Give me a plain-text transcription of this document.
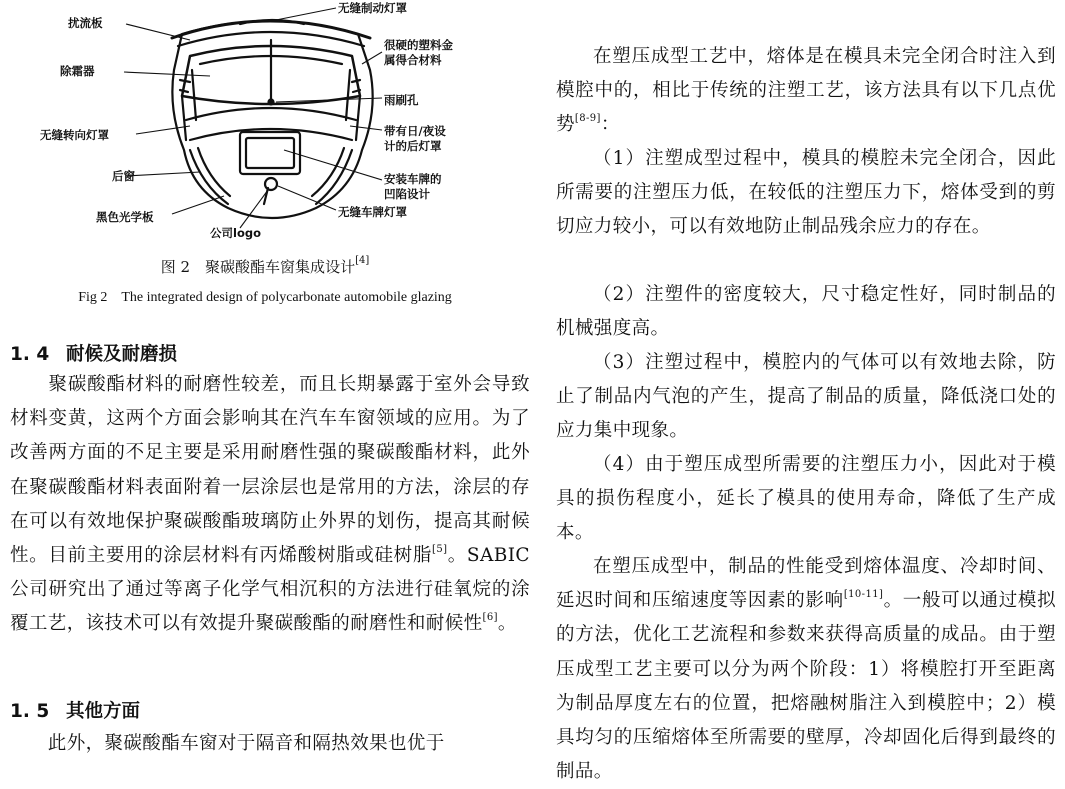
扰流板
无缝制动灯罩
除霜器
很硬的塑料金
属得合材料
雨刷孔
无缝转向灯罩	带有日/夜设
计的后灯罩
后窗	安装车牌的
凹陷设计
无缝车牌灯罩
黑色光学板
公司logo
图 2　聚碳酸酯车窗集成设计[4]
Fig 2　The integrated design of polycarbonate automobile glazing
1. 4 耐候及耐磨损

　　聚碳酸酯材料的耐磨性较差，而且长期暴露于室外会导致材料变黄，这两个方面会影响其在汽车车窗领域的应用。为了改善两方面的不足主要是采用耐磨性强的聚碳酸酯材料，此外在聚碳酸酯材料表面附着一层涂层也是常用的方法，涂层的存在可以有效地保护聚碳酸酯玻璃防止外界的划伤，提高其耐候性。目前主要用的涂层材料有丙烯酸树脂或硅树脂[5]。SABIC 公司研究出了通过等离子化学气相沉积的方法进行硅氧烷的涂覆工艺，该技术可以有效提升聚碳酸酯的耐磨性和耐候性[6]。

1. 5 其他方面

　　此外，聚碳酸酯车窗对于隔音和隔热效果也优于

在塑压成型工艺中，熔体是在模具未完全闭合时注入到模腔中的，相比于传统的注塑工艺，该方法具有以下几点优势[8-9]：

（1）注塑成型过程中，模具的模腔未完全闭合，因此所需要的注塑压力低，在较低的注塑压力下，熔体受到的剪切应力较小，可以有效地防止制品残余应力的存在。

（2）注塑件的密度较大，尺寸稳定性好，同时制品的机械强度高。

（3）注塑过程中，模腔内的气体可以有效地去除，防止了制品内气泡的产生，提高了制品的质量，降低浇口处的应力集中现象。

（4）由于塑压成型所需要的注塑压力小，因此对于模具的损伤程度小，延长了模具的使用寿命，降低了生产成本。

在塑压成型中，制品的性能受到熔体温度、冷却时间、延迟时间和压缩速度等因素的影响[10-11]。一般可以通过模拟的方法，优化工艺流程和参数来获得高质量的成品。由于塑压成型工艺主要可以分为两个阶段：1）将模腔打开至距离为制品厚度左右的位置，把熔融树脂注入到模腔中；2）模具均匀的压缩熔体至所需要的壁厚，冷却固化后得到最终的制品。
